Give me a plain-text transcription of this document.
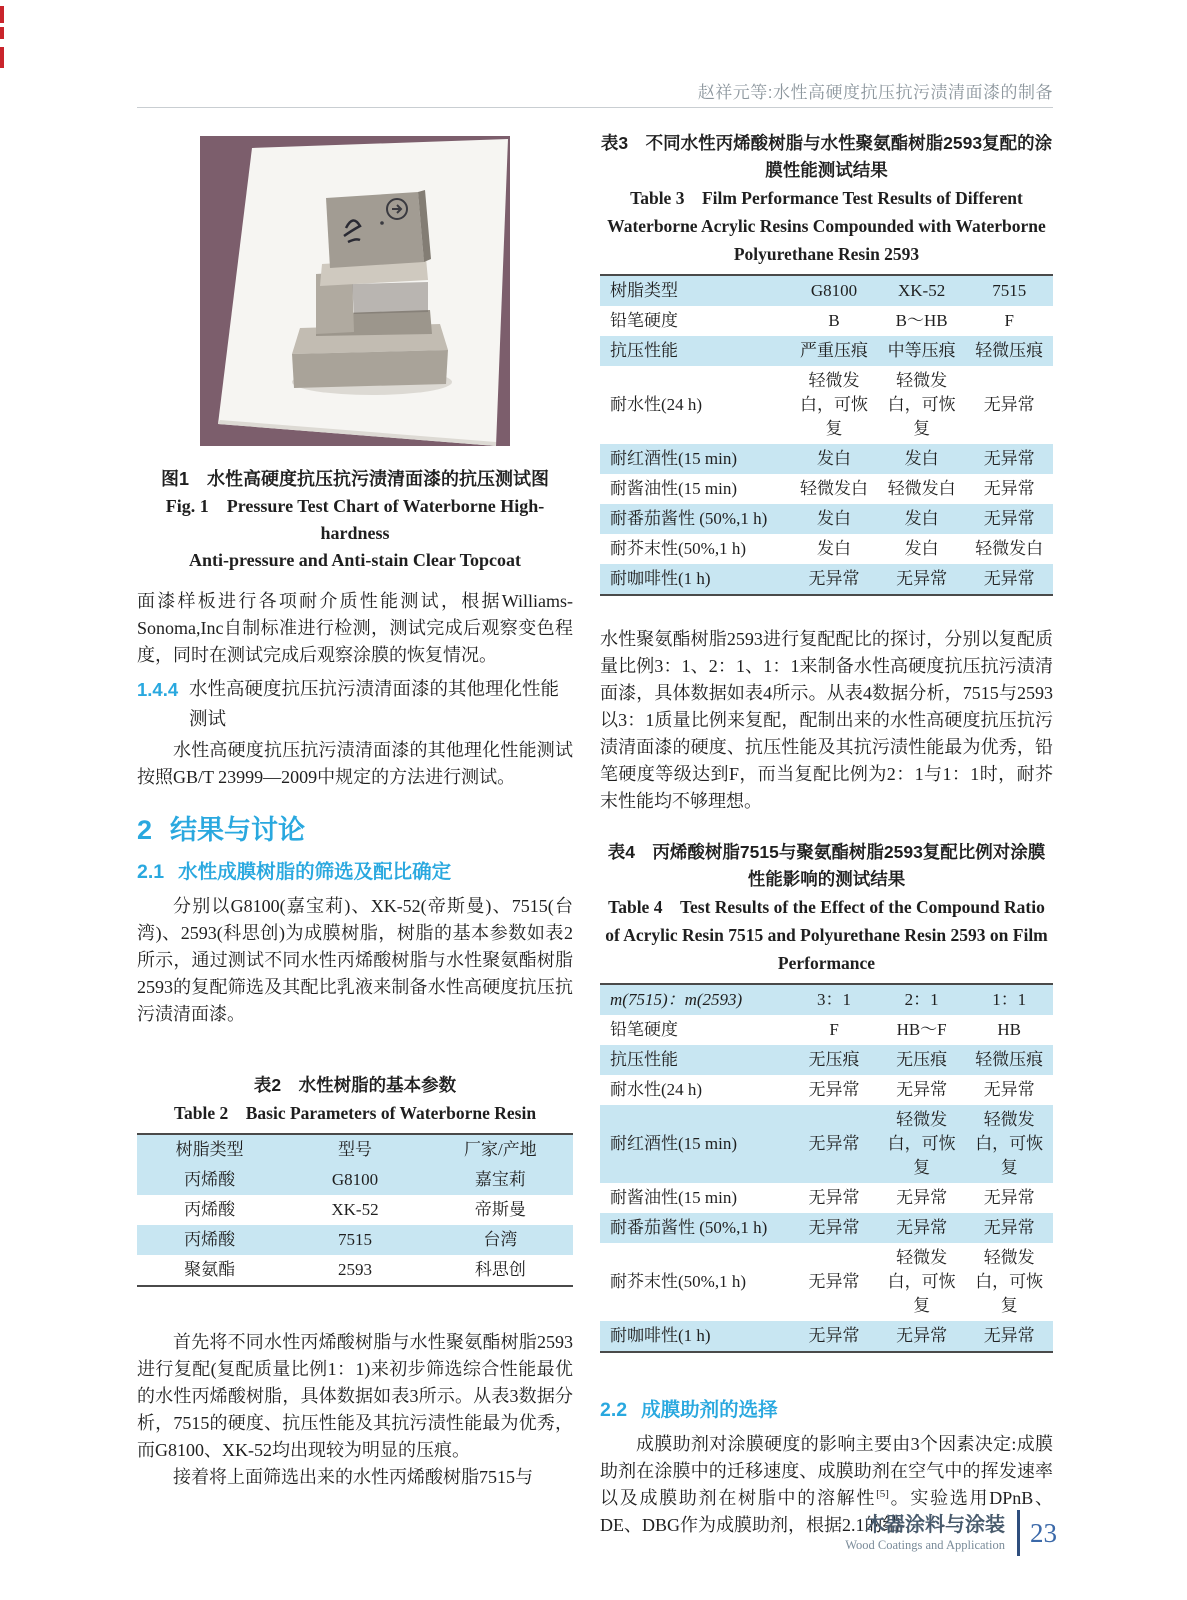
赵祥元等:水性高硬度抗压抗污渍清面漆的制备
图1　水性高硬度抗压抗污渍清面漆的抗压测试图
Fig. 1　Pressure Test Chart of Waterborne High-hardness
Anti-pressure and Anti-stain Clear Topcoat

面漆样板进行各项耐介质性能测试，根据Williams-Sonoma,Inc自制标准进行检测，测试完成后观察变色程度，同时在测试完成后观察涂膜的恢复情况。

1.4.4 水性高硬度抗压抗污渍清面漆的其他理化性能测试

水性高硬度抗压抗污渍清面漆的其他理化性能测试按照GB/T 23999—2009中规定的方法进行测试。

2 结果与讨论
2.1 水性成膜树脂的筛选及配比确定

分别以G8100(嘉宝莉)、XK-52(帝斯曼)、7515(台湾)、2593(科思创)为成膜树脂，树脂的基本参数如表2所示，通过测试不同水性丙烯酸树脂与水性聚氨酯树脂2593的复配筛选及其配比乳液来制备水性高硬度抗压抗污渍清面漆。

表2　水性树脂的基本参数
Table 2　Basic Parameters of Waterborne Resin
树脂类型	型号	厂家/产地
丙烯酸	G8100	嘉宝莉
丙烯酸	XK-52	帝斯曼
丙烯酸	7515	台湾
聚氨酯	2593	科思创

首先将不同水性丙烯酸树脂与水性聚氨酯树脂2593进行复配(复配质量比例1：1)来初步筛选综合性能最优的水性丙烯酸树脂，具体数据如表3所示。从表3数据分析，7515的硬度、抗压性能及其抗污渍性能最为优秀，而G8100、XK-52均出现较为明显的压痕。

接着将上面筛选出来的水性丙烯酸树脂7515与

表3　不同水性丙烯酸树脂与水性聚氨酯树脂2593复配的涂膜性能测试结果
Table 3　Film Performance Test Results of Different Waterborne Acrylic Resins Compounded with Waterborne Polyurethane Resin 2593
树脂类型	G8100	XK-52	7515
铅笔硬度	B	B～HB	F
抗压性能	严重压痕	中等压痕	轻微压痕
耐水性(24 h)	轻微发白，可恢复	轻微发白，可恢复	无异常
耐红酒性(15 min)	发白	发白	无异常
耐酱油性(15 min)	轻微发白	轻微发白	无异常
耐番茄酱性 (50%,1 h)	发白	发白	无异常
耐芥末性(50%,1 h)	发白	发白	轻微发白
耐咖啡性(1 h)	无异常	无异常	无异常

水性聚氨酯树脂2593进行复配配比的探讨，分别以复配质量比例3：1、2：1、1：1来制备水性高硬度抗压抗污渍清面漆，具体数据如表4所示。从表4数据分析，7515与2593以3：1质量比例来复配，配制出来的水性高硬度抗压抗污渍清面漆的硬度、抗压性能及其抗污渍性能最为优秀，铅笔硬度等级达到F，而当复配比例为2：1与1：1时，耐芥末性能均不够理想。

表4　丙烯酸树脂7515与聚氨酯树脂2593复配比例对涂膜性能影响的测试结果
Table 4　Test Results of the Effect of the Compound Ratio of Acrylic Resin 7515 and Polyurethane Resin 2593 on Film Performance
m(7515)：m(2593)	3：1	2：1	1：1
铅笔硬度	F	HB～F	HB
抗压性能	无压痕	无压痕	轻微压痕
耐水性(24 h)	无异常	无异常	无异常
耐红酒性(15 min)	无异常	轻微发白，可恢复	轻微发白，可恢复
耐酱油性(15 min)	无异常	无异常	无异常
耐番茄酱性 (50%,1 h)	无异常	无异常	无异常
耐芥末性(50%,1 h)	无异常	轻微发白，可恢复	轻微发白，可恢复
耐咖啡性(1 h)	无异常	无异常	无异常
2.2 成膜助剂的选择

成膜助剂对涂膜硬度的影响主要由3个因素决定:成膜助剂在涂膜中的迁移速度、成膜助剂在空气中的挥发速率以及成膜助剂在树脂中的溶解性[5]。实验选用DPnB、DE、DBG作为成膜助剂，根据2.1的结

木器涂料与涂装
Wood Coatings and Application 23
